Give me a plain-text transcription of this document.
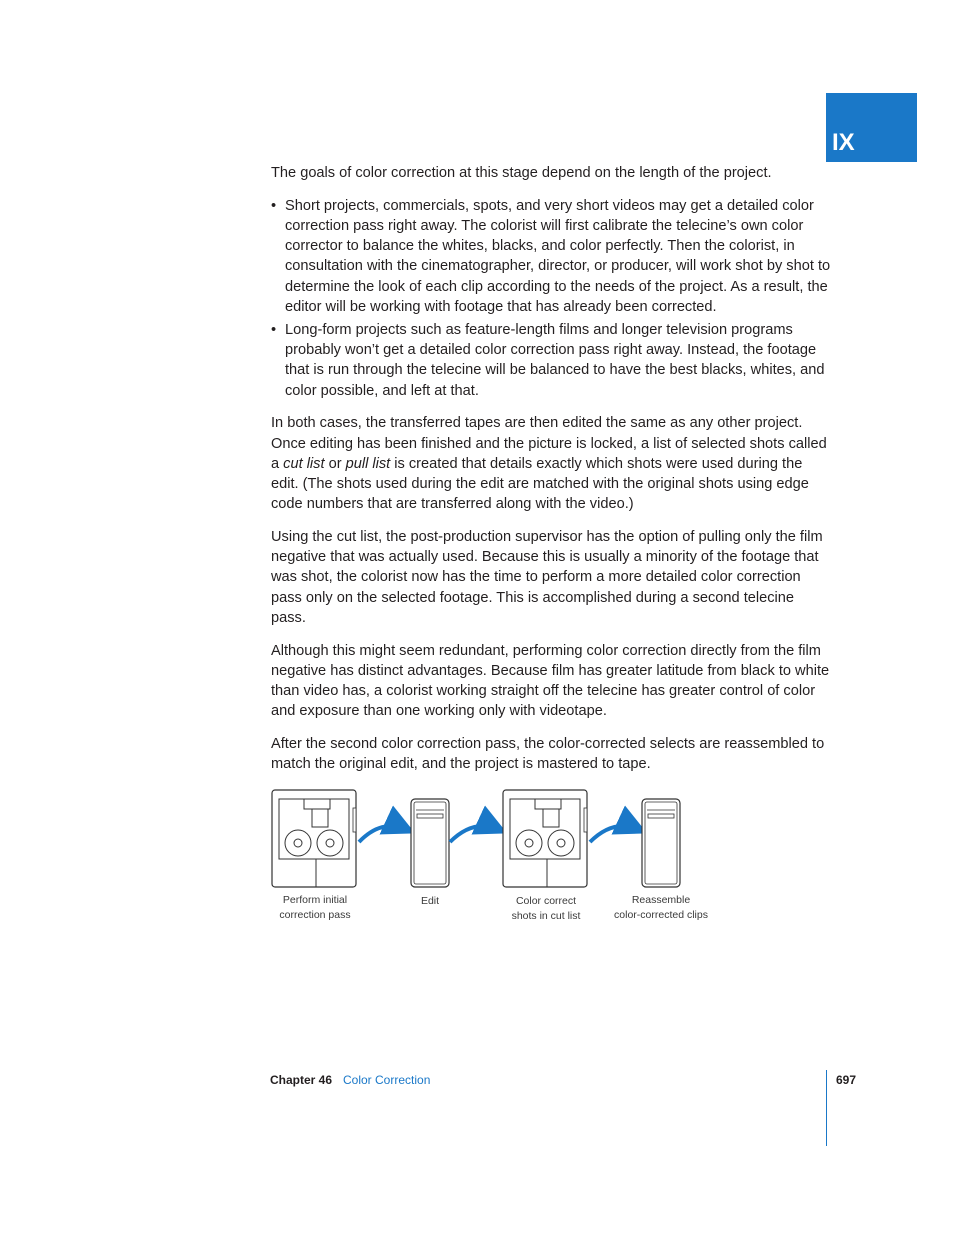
IX

The goals of color correction at this stage depend on the length of the project.

• Short projects, commercials, spots, and very short videos may get a detailed color correction pass right away. The colorist will first calibrate the telecine’s own color corrector to balance the whites, blacks, and color perfectly. Then the colorist, in consultation with the cinematographer, director, or producer, will work shot by shot to determine the look of each clip according to the needs of the project. As a result, the editor will be working with footage that has already been corrected.
• Long-form projects such as feature-length films and longer television programs probably won’t get a detailed color correction pass right away. Instead, the footage that is run through the telecine will be balanced to have the best blacks, whites, and color possible, and left at that.

In both cases, the transferred tapes are then edited the same as any other project. Once editing has been finished and the picture is locked, a list of selected shots called a cut list or pull list is created that details exactly which shots were used during the edit. (The shots used during the edit are matched with the original shots using edge code numbers that are transferred along with the video.)

Using the cut list, the post-production supervisor has the option of pulling only the film negative that was actually used. Because this is usually a minority of the footage that was shot, the colorist now has the time to perform a more detailed color correction pass only on the selected footage. This is accomplished during a second telecine pass.

Although this might seem redundant, performing color correction directly from the film negative has distinct advantages. Because film has greater latitude from black to white than video has, a colorist working straight off the telecine has greater control of color and exposure than one working only with videotape.

After the second color correction pass, the color-corrected selects are reassembled to match the original edit, and the project is mastered to tape.

Perform initial
correction pass
Edit	Color correct
shots in cut list
Reassemble
color-corrected clips
Chapter 46 Color Correction	697
